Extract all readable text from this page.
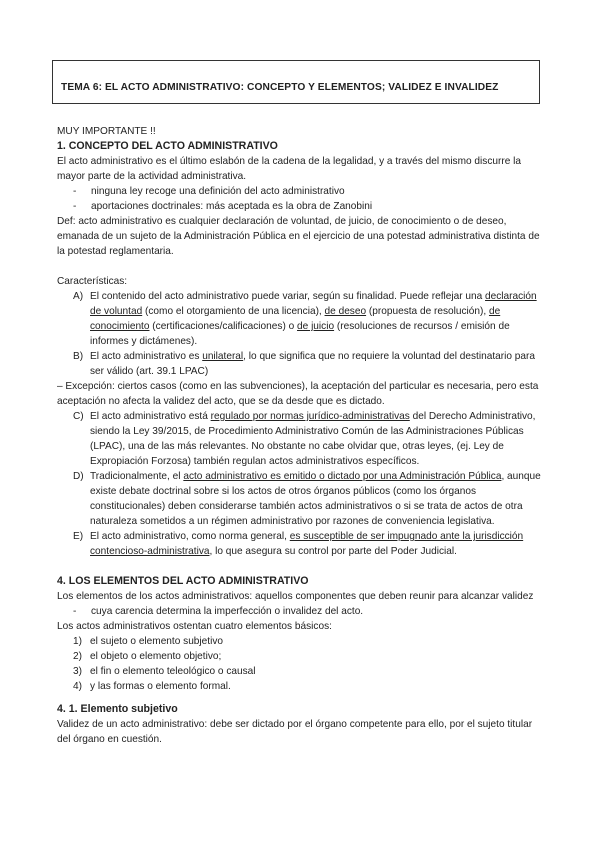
TEMA 6: EL ACTO ADMINISTRATIVO: CONCEPTO Y ELEMENTOS; VALIDEZ E INVALIDEZ

MUY IMPORTANTE !!

1. CONCEPTO DEL ACTO ADMINISTRATIVO

El acto administrativo es el último eslabón de la cadena de la legalidad, y a través del mismo discurre la mayor parte de la actividad administrativa.

- ninguna ley recoge una definición del acto administrativo

- aportaciones doctrinales: más aceptada es la obra de Zanobini

Def: acto administrativo es cualquier declaración de voluntad, de juicio, de conocimiento o de deseo, emanada de un sujeto de la Administración Pública en el ejercicio de una potestad administrativa distinta de la potestad reglamentaria.

Características:

A) El contenido del acto administrativo puede variar, según su finalidad. Puede reflejar una declaración de voluntad (como el otorgamiento de una licencia), de deseo (propuesta de resolución), de conocimiento (certificaciones/calificaciones) o de juicio (resoluciones de recursos / emisión de informes y dictámenes).

B) El acto administrativo es unilateral, lo que significa que no requiere la voluntad del destinatario para ser válido (art. 39.1 LPAC)

– Excepción: ciertos casos (como en las subvenciones), la aceptación del particular es necesaria, pero esta aceptación no afecta la validez del acto, que se da desde que es dictado.

C) El acto administrativo está regulado por normas jurídico-administrativas del Derecho Administrativo, siendo la Ley 39/2015, de Procedimiento Administrativo Común de las Administraciones Públicas (LPAC), una de las más relevantes. No obstante no cabe olvidar que, otras leyes, (ej. Ley de Expropiación Forzosa) también regulan actos administrativos específicos.

D) Tradicionalmente, el acto administrativo es emitido o dictado por una Administración Pública, aunque existe debate doctrinal sobre si los actos de otros órganos públicos (como los órganos constitucionales) deben considerarse también actos administrativos o si se trata de actos de otra naturaleza sometidos a un régimen administrativo por razones de conveniencia legislativa.

E) El acto administrativo, como norma general, es susceptible de ser impugnado ante la jurisdicción contencioso-administrativa, lo que asegura su control por parte del Poder Judicial.

4. LOS ELEMENTOS DEL ACTO ADMINISTRATIVO

Los elementos de los actos administrativos: aquellos componentes que deben reunir para alcanzar validez

- cuya carencia determina la imperfección o invalidez del acto.

Los actos administrativos ostentan cuatro elementos básicos:

1) el sujeto o elemento subjetivo

2) el objeto o elemento objetivo;

3) el fin o elemento teleológico o causal

4) y las formas o elemento formal.

4. 1. Elemento subjetivo

Validez de un acto administrativo: debe ser dictado por el órgano competente para ello, por el sujeto titular del órgano en cuestión.
